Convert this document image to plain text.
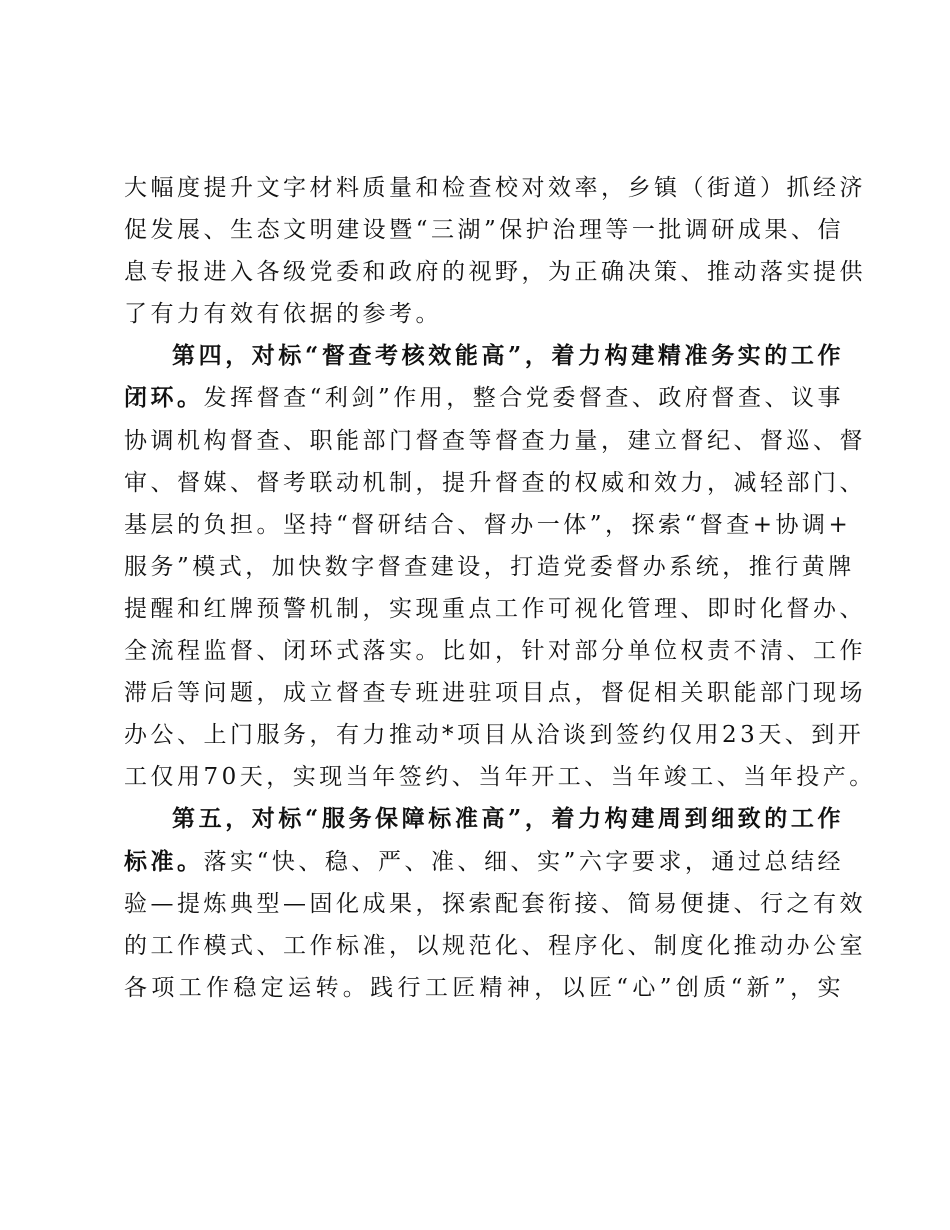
大幅度提升文字材料质量和检查校对效率，乡镇（街道）抓经济
促发展、生态文明建设暨“三湖”保护治理等一批调研成果、信
息专报进入各级党委和政府的视野，为正确决策、推动落实提供
了有力有效有依据的参考。
第四，对标“督查考核效能高”，着力构建精准务实的工作
闭环。发挥督查“利剑”作用，整合党委督查、政府督查、议事
协调机构督查、职能部门督查等督查力量，建立督纪、督巡、督
审、督媒、督考联动机制，提升督查的权威和效力，减轻部门、
基层的负担。坚持“督研结合、督办一体”，探索“督查+协调+
服务”模式，加快数字督查建设，打造党委督办系统，推行黄牌
提醒和红牌预警机制，实现重点工作可视化管理、即时化督办、
全流程监督、闭环式落实。比如，针对部分单位权责不清、工作
滞后等问题，成立督查专班进驻项目点，督促相关职能部门现场
办公、上门服务，有力推动*项目从洽谈到签约仅用23天、到开
工仅用70天，实现当年签约、当年开工、当年竣工、当年投产。
第五，对标“服务保障标准高”，着力构建周到细致的工作
标准。落实“快、稳、严、准、细、实”六字要求，通过总结经
验—提炼典型—固化成果，探索配套衔接、简易便捷、行之有效
的工作模式、工作标准，以规范化、程序化、制度化推动办公室
各项工作稳定运转。践行工匠精神，以匠“心”创质“新”，实
